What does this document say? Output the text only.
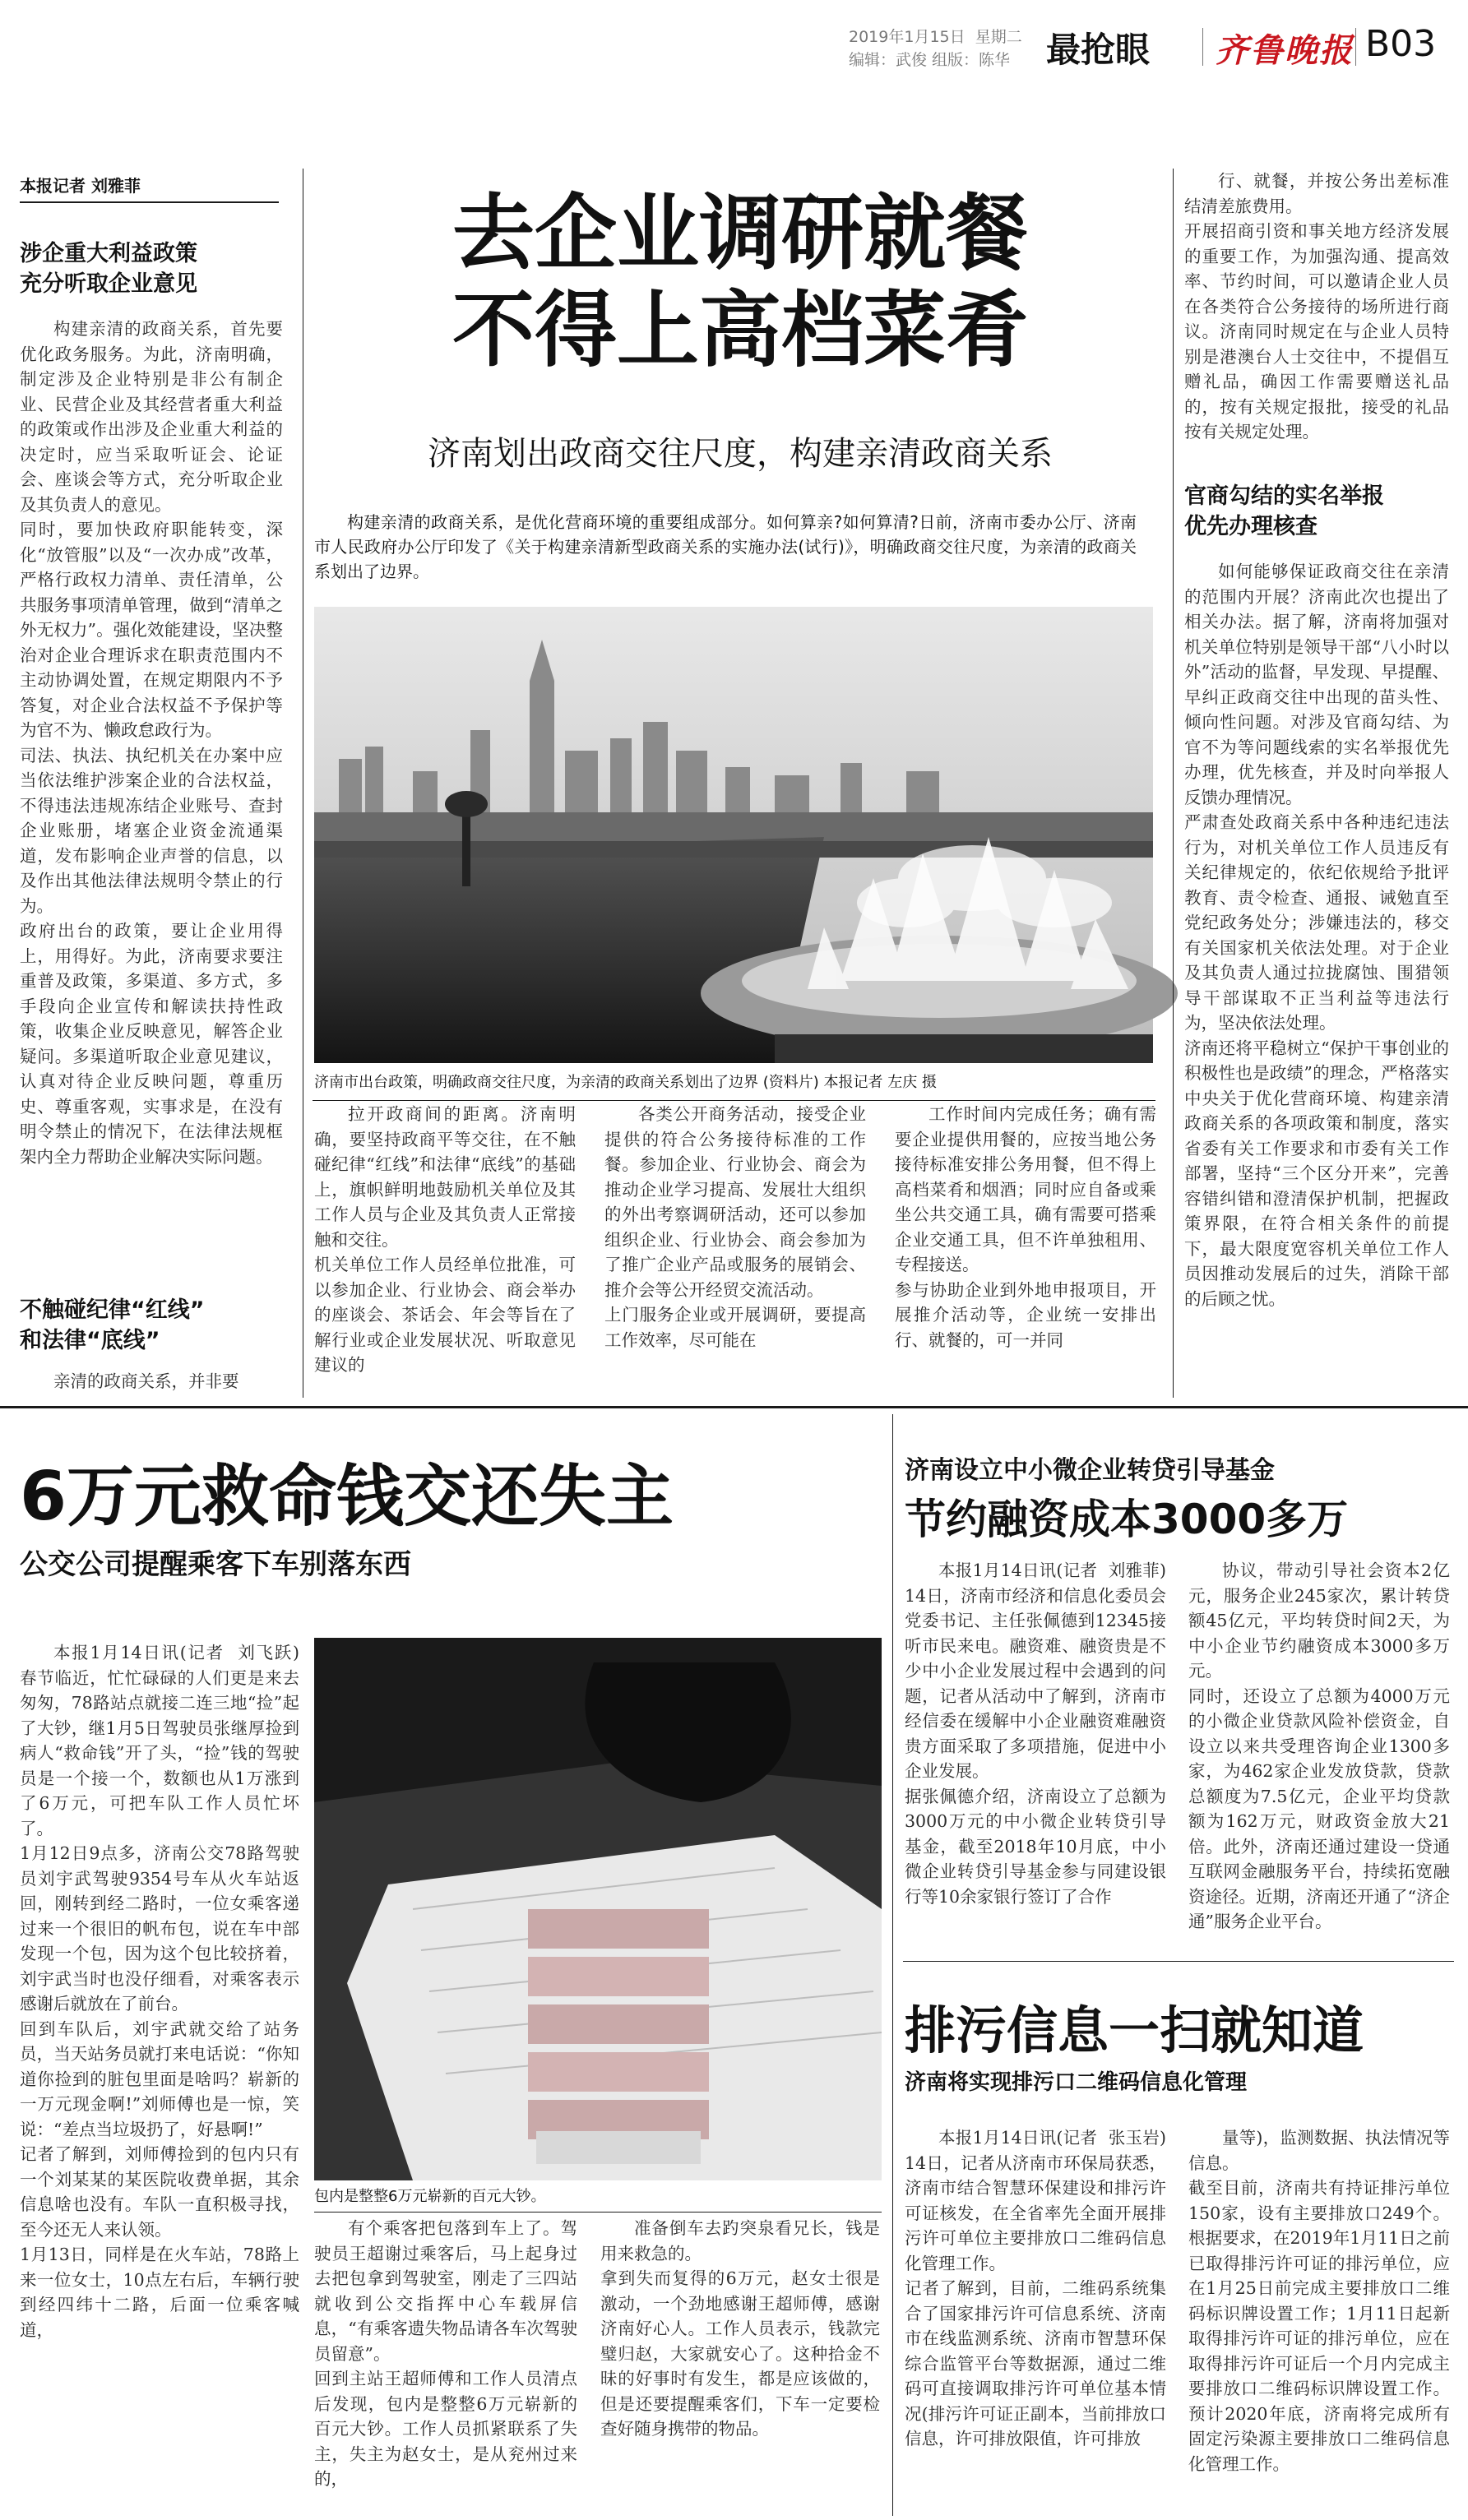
2019年1月15日 星期二
编辑：武俊 组版：陈华 最抢眼 齐鲁晚报 B03
本报记者 刘雅菲
涉企重大利益政策
充分听取企业意见
构建亲清的政商关系，首先要优化政务服务。为此，济南明确，制定涉及企业特别是非公有制企业、民营企业及其经营者重大利益的政策或作出涉及企业重大利益的决定时，应当采取听证会、论证会、座谈会等方式，充分听取企业及其负责人的意见。
同时，要加快政府职能转变，深化“放管服”以及“一次办成”改革，严格行政权力清单、责任清单，公共服务事项清单管理，做到“清单之外无权力”。强化效能建设，坚决整治对企业合理诉求在职责范围内不主动协调处置，在规定期限内不予答复，对企业合法权益不予保护等为官不为、懒政怠政行为。
司法、执法、执纪机关在办案中应当依法维护涉案企业的合法权益，不得违法违规冻结企业账号、查封企业账册，堵塞企业资金流通渠道，发布影响企业声誉的信息，以及作出其他法律法规明令禁止的行为。
政府出台的政策，要让企业用得上，用得好。为此，济南要求要注重普及政策，多渠道、多方式，多手段向企业宣传和解读扶持性政策，收集企业反映意见，解答企业疑问。多渠道听取企业意见建议，认真对待企业反映问题，尊重历史、尊重客观，实事求是，在没有明令禁止的情况下，在法律法规框架内全力帮助企业解决实际问题。
不触碰纪律“红线”
和法律“底线”
亲清的政商关系，并非要
去企业调研就餐
不得上高档菜肴
济南划出政商交往尺度，构建亲清政商关系
构建亲清的政商关系，是优化营商环境的重要组成部分。如何算亲?如何算清?日前，济南市委办公厅、济南市人民政府办公厅印发了《关于构建亲清新型政商关系的实施办法(试行)》，明确政商交往尺度，为亲清的政商关系划出了边界。
济南市出台政策，明确政商交往尺度，为亲清的政商关系划出了边界 (资料片) 本报记者 左庆 摄
拉开政商间的距离。济南明确，要坚持政商平等交往，在不触碰纪律“红线”和法律“底线”的基础上，旗帜鲜明地鼓励机关单位及其工作人员与企业及其负责人正常接触和交往。
机关单位工作人员经单位批准，可以参加企业、行业协会、商会举办的座谈会、茶话会、年会等旨在了解行业或企业发展状况、听取意见建议的
各类公开商务活动，接受企业提供的符合公务接待标准的工作餐。参加企业、行业协会、商会为推动企业学习提高、发展壮大组织的外出考察调研活动，还可以参加组织企业、行业协会、商会参加为了推广企业产品或服务的展销会、推介会等公开经贸交流活动。
上门服务企业或开展调研，要提高工作效率，尽可能在
工作时间内完成任务；确有需要企业提供用餐的，应按当地公务接待标准安排公务用餐，但不得上高档菜肴和烟酒；同时应自备或乘坐公共交通工具，确有需要可搭乘企业交通工具，但不许单独租用、专程接送。
参与协助企业到外地申报项目，开展推介活动等，企业统一安排出行、就餐的，可一并同
行、就餐，并按公务出差标准结清差旅费用。
开展招商引资和事关地方经济发展的重要工作，为加强沟通、提高效率、节约时间，可以邀请企业人员在各类符合公务接待的场所进行商议。济南同时规定在与企业人员特别是港澳台人士交往中，不提倡互赠礼品，确因工作需要赠送礼品的，按有关规定报批，接受的礼品按有关规定处理。
官商勾结的实名举报
优先办理核查
如何能够保证政商交往在亲清的范围内开展？济南此次也提出了相关办法。据了解，济南将加强对机关单位特别是领导干部“八小时以外”活动的监督，早发现、早提醒、早纠正政商交往中出现的苗头性、倾向性问题。对涉及官商勾结、为官不为等问题线索的实名举报优先办理，优先核查，并及时向举报人反馈办理情况。
严肃查处政商关系中各种违纪违法行为，对机关单位工作人员违反有关纪律规定的，依纪依规给予批评教育、责令检查、通报、诫勉直至党纪政务处分；涉嫌违法的，移交有关国家机关依法处理。对于企业及其负责人通过拉拢腐蚀、围猎领导干部谋取不正当利益等违法行为，坚决依法处理。
济南还将平稳树立“保护干事创业的积极性也是政绩”的理念，严格落实中央关于优化营商环境、构建亲清政商关系的各项政策和制度，落实省委有关工作要求和市委有关工作部署，坚持“三个区分开来”，完善容错纠错和澄清保护机制，把握政策界限，在符合相关条件的前提下，最大限度宽容机关单位工作人员因推动发展后的过失，消除干部的后顾之忧。
6万元救命钱交还失主
公交公司提醒乘客下车别落东西
本报1月14日讯(记者  刘飞跃)  春节临近，忙忙碌碌的人们更是来去匆匆，78路站点就接二连三地“捡”起了大钞，继1月5日驾驶员张继厚捡到病人“救命钱”开了头，“捡”钱的驾驶员是一个接一个，数额也从1万涨到了6万元，可把车队工作人员忙坏了。
1月12日9点多，济南公交78路驾驶员刘宇武驾驶9354号车从火车站返回，刚转到经二路时，一位女乘客递过来一个很旧的帆布包，说在车中部发现一个包，因为这个包比较挤着，刘宇武当时也没仔细看，对乘客表示感谢后就放在了前台。
回到车队后，刘宇武就交给了站务员，当天站务员就打来电话说：“你知道你捡到的脏包里面是啥吗？崭新的一万元现金啊!”刘师傅也是一惊，笑说：“差点当垃圾扔了，好悬啊!”
记者了解到，刘师傅捡到的包内只有一个刘某某的某医院收费单据，其余信息啥也没有。车队一直积极寻找，至今还无人来认领。
1月13日，同样是在火车站，78路上来一位女士，10点左右后，车辆行驶到经四纬十二路，后面一位乘客喊道，
包内是整整6万元崭新的百元大钞。
有个乘客把包落到车上了。驾驶员王超谢过乘客后，马上起身过去把包拿到驾驶室，刚走了三四站就收到公交指挥中心车载屏信息，“有乘客遗失物品请各车次驾驶员留意”。
回到主站王超师傅和工作人员清点后发现，包内是整整6万元崭新的百元大钞。工作人员抓紧联系了失主，失主为赵女士，是从兖州过来的，
准备倒车去趵突泉看兄长，钱是用来救急的。
拿到失而复得的6万元，赵女士很是激动，一个劲地感谢王超师傅，感谢济南好心人。工作人员表示，钱款完璧归赵，大家就安心了。这种拾金不昧的好事时有发生，都是应该做的，但是还要提醒乘客们，下车一定要检查好随身携带的物品。
济南设立中小微企业转贷引导基金
节约融资成本3000多万
本报1月14日讯(记者  刘雅菲)  14日，济南市经济和信息化委员会党委书记、主任张佩德到12345接听市民来电。融资难、融资贵是不少中小企业发展过程中会遇到的问题，记者从活动中了解到，济南市经信委在缓解中小企业融资难融资贵方面采取了多项措施，促进中小企业发展。
据张佩德介绍，济南设立了总额为3000万元的中小微企业转贷引导基金，截至2018年10月底，中小微企业转贷引导基金参与同建设银行等10余家银行签订了合作
协议，带动引导社会资本2亿元，服务企业245家次，累计转贷额45亿元，平均转贷时间2天，为中小企业节约融资成本3000多万元。
同时，还设立了总额为4000万元的小微企业贷款风险补偿资金，自设立以来共受理咨询企业1300多家，为462家企业发放贷款，贷款总额度为7.5亿元，企业平均贷款额为162万元，财政资金放大21倍。此外，济南还通过建设一贷通互联网金融服务平台，持续拓宽融资途径。近期，济南还开通了“济企通”服务企业平台。
排污信息一扫就知道
济南将实现排污口二维码信息化管理
本报1月14日讯(记者  张玉岩)  14日，记者从济南市环保局获悉，济南市结合智慧环保建设和排污许可证核发，在全省率先全面开展排污许可单位主要排放口二维码信息化管理工作。
记者了解到，目前，二维码系统集合了国家排污许可信息系统、济南市在线监测系统、济南市智慧环保综合监管平台等数据源，通过二维码可直接调取排污许可单位基本情况(排污许可证正副本，当前排放口信息，许可排放限值，许可排放
量等)，监测数据、执法情况等信息。
截至目前，济南共有持证排污单位150家，设有主要排放口249个。根据要求，在2019年1月11日之前已取得排污许可证的排污单位，应在1月25日前完成主要排放口二维码标识牌设置工作；1月11日起新取得排污许可证的排污单位，应在取得排污许可证后一个月内完成主要排放口二维码标识牌设置工作。预计2020年底，济南将完成所有固定污染源主要排放口二维码信息化管理工作。
